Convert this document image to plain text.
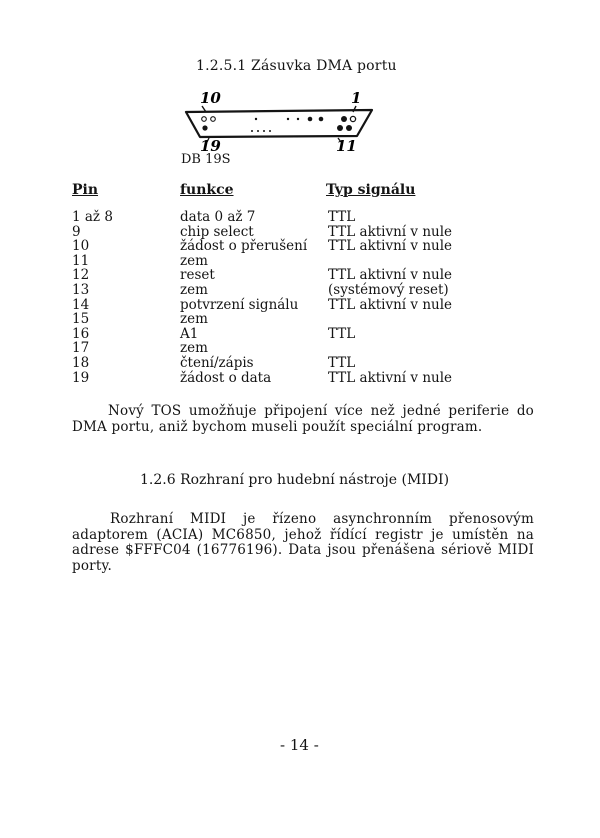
1.2.5.1 Zásuvka DMA portu
10	1
19	11
DB 19S
Pin	funkce	Typ signálu
1 až 8	data 0 až 7	TTL
9	chip select	TTL aktivní v nule
10	žádost o přerušení	TTL aktivní v nule
11	zem
12	reset	TTL aktivní v nule
13	zem	(systémový reset)
14	potvrzení signálu	TTL aktivní v nule
15	zem
16	A1	TTL
17	zem
18	čtení/zápis	TTL
19	žádost o data	TTL aktivní v nule

Nový TOS umožňuje připojení více než jedné periferie do DMA portu, aniž bychom museli použít speciální program.

1.2.6 Rozhraní pro hudební nástroje (MIDI)

Rozhraní MIDI je řízeno asynchronním přenosovým adaptorem (ACIA) MC6850, jehož řídící registr je umístěn na adrese $FFFC04 (16776196). Data jsou přenášena sériově MIDI porty.

- 14 -
